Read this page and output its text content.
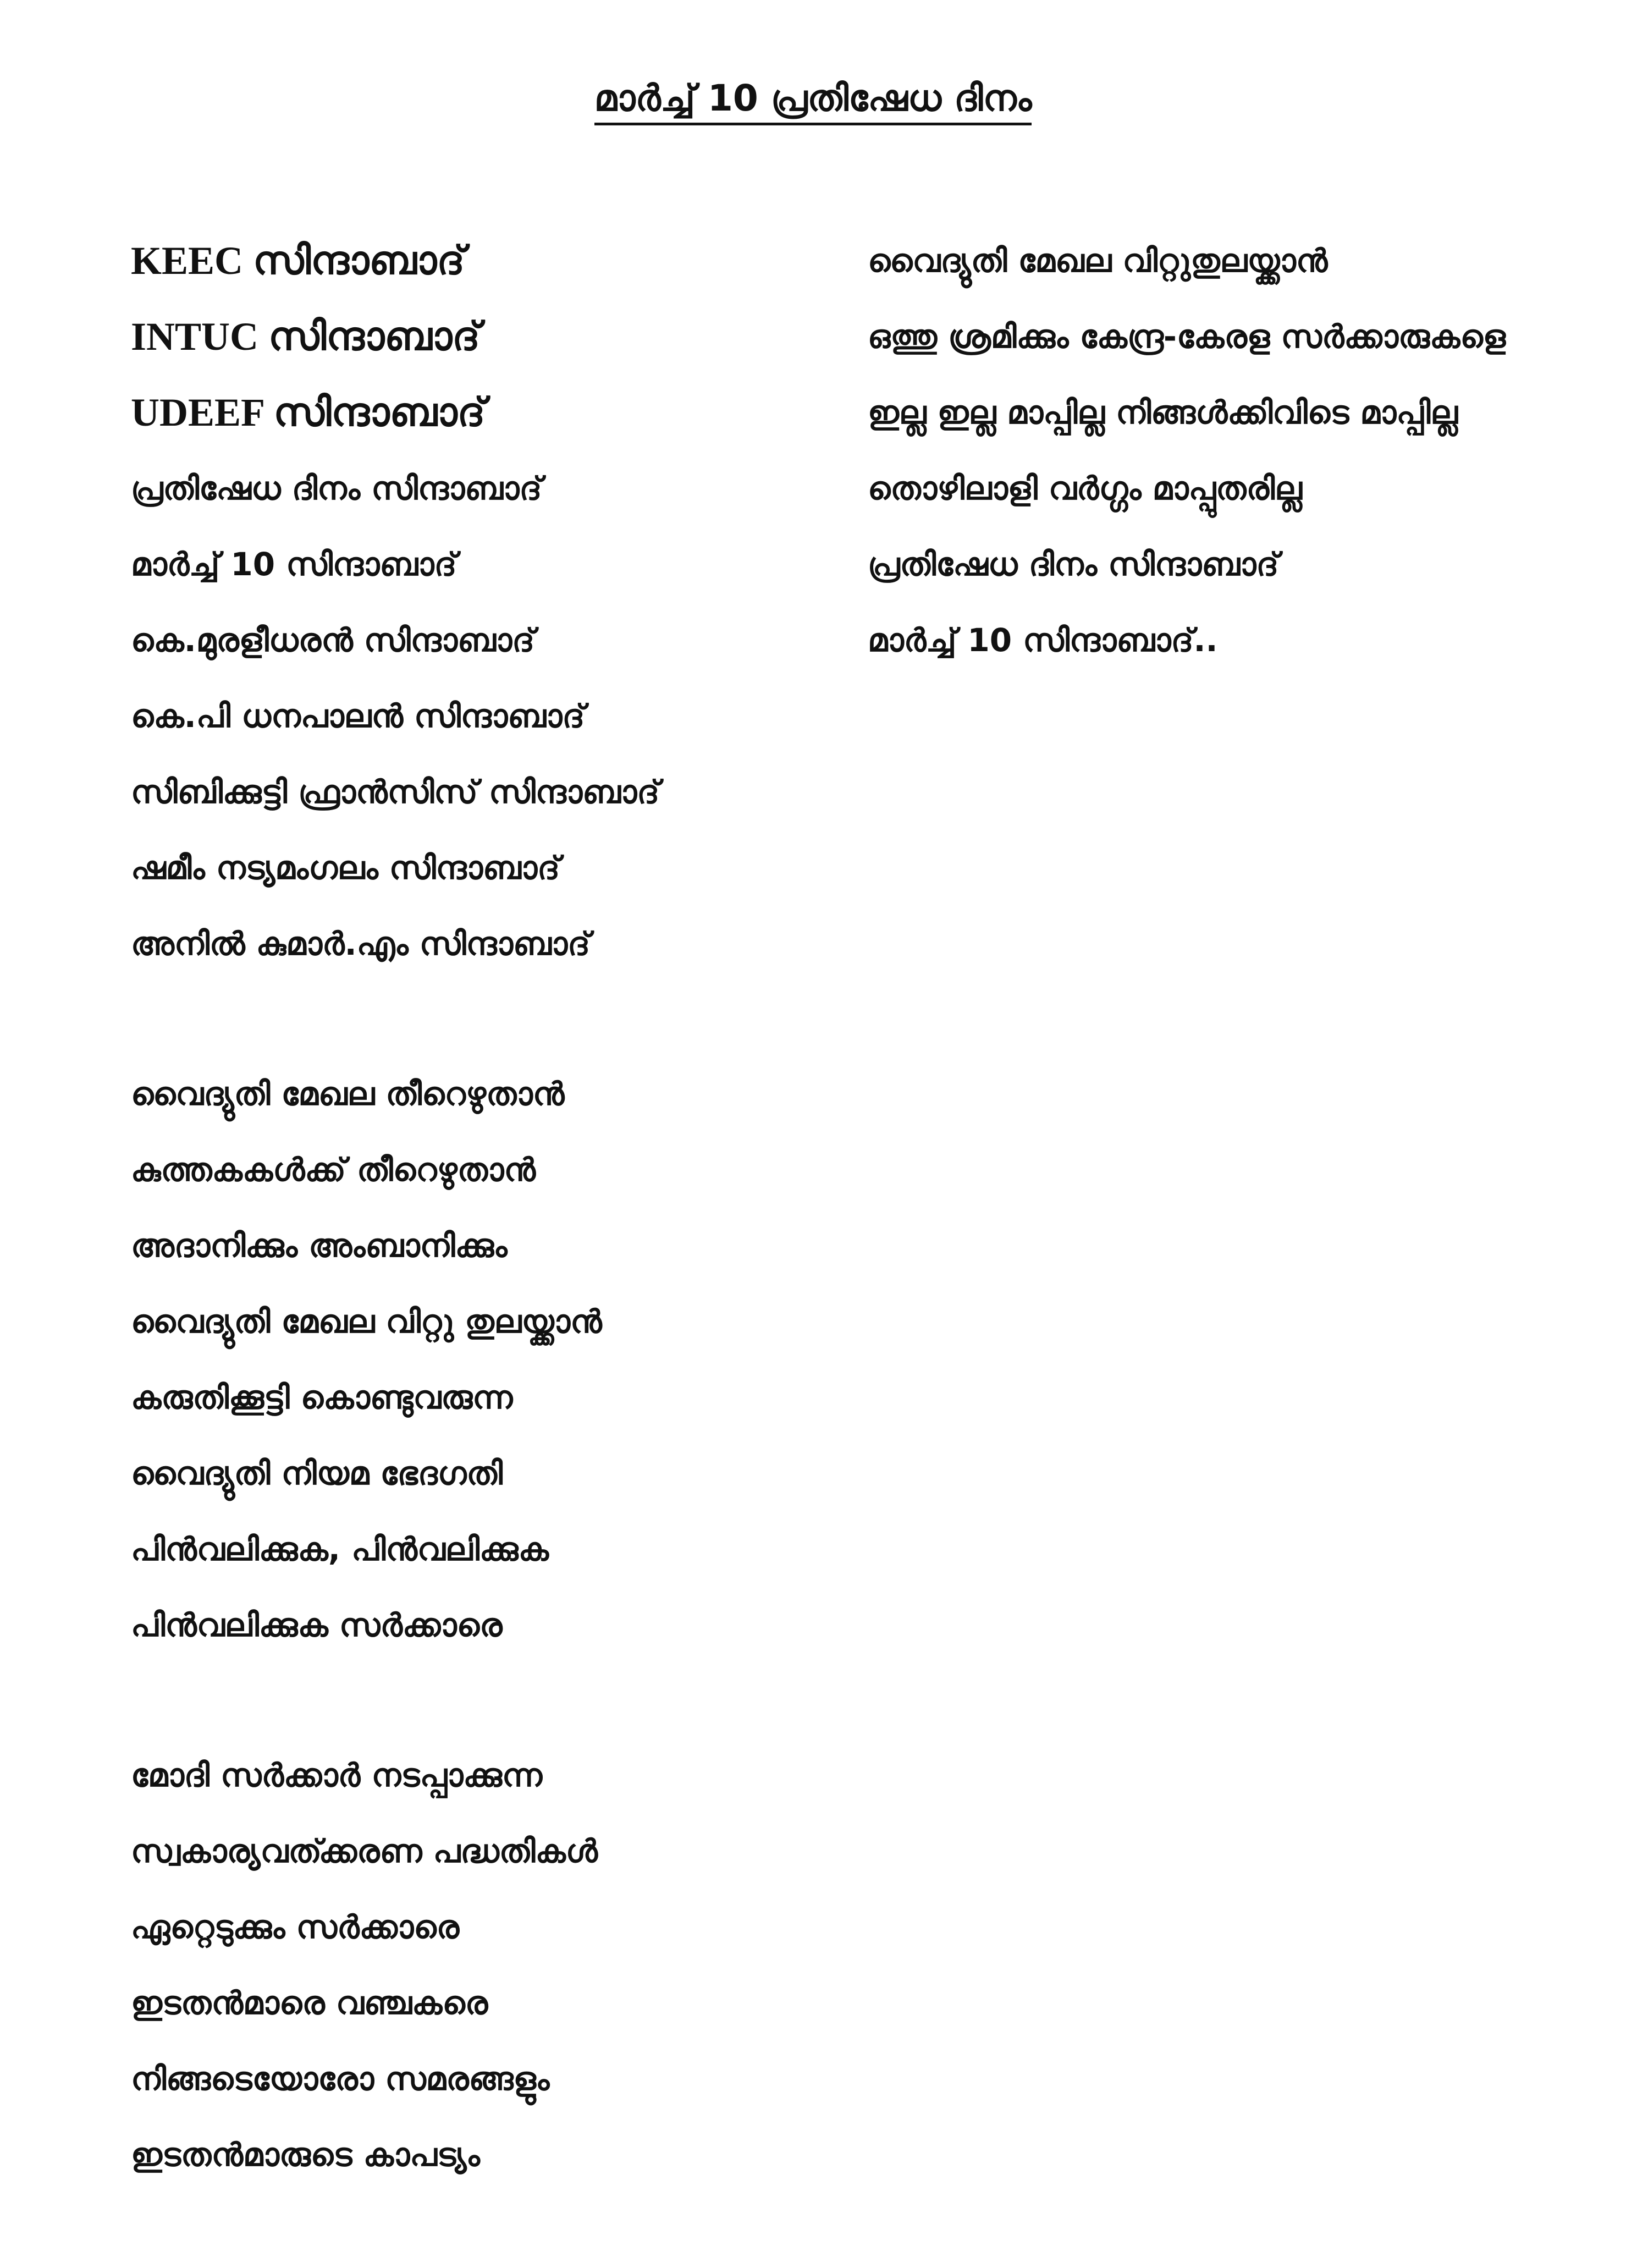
മാർച്ച് 10 പ്രതിഷേധ ദിനം
KEEC സിന്ദാബാദ്
INTUC സിന്ദാബാദ്
UDEEF സിന്ദാബാദ്
പ്രതിഷേധ ദിനം സിന്ദാബാദ്
മാർച്ച് 10 സിന്ദാബാദ്
കെ.മുരളീധരൻ സിന്ദാബാദ്
കെ.പി ധനപാലൻ സിന്ദാബാദ്
സിബിക്കുട്ടി ഫ്രാൻസിസ് സിന്ദാബാദ്
ഷമീം നട്യമംഗലം സിന്ദാബാദ്
അനിൽ കുമാർ.എം സിന്ദാബാദ്
വൈദ്യുതി മേഖല തീറെഴുതാൻ
കുത്തകകൾക്ക് തീറെഴുതാൻ
അദാനിക്കും അംബാനിക്കും
വൈദ്യുതി മേഖല വിറ്റു തുലയ്ക്കാൻ
കരുതിക്കൂട്ടി കൊണ്ടുവരുന്ന
വൈദ്യുതി നിയമ ഭേദഗതി
പിൻവലിക്കുക, പിൻവലിക്കുക
പിൻവലിക്കുക സർക്കാരെ
മോദി സർക്കാർ നടപ്പാക്കുന്ന
സ്വകാര്യവത്ക്കരണ പദ്ധതികൾ
ഏറ്റെടുക്കും സർക്കാരെ
ഇടതൻമാരെ വഞ്ചകരെ
നിങ്ങടെയോരോ സമരങ്ങളും
ഇടതൻമാരുടെ കാപട്യം
വൈദ്യുതി മേഖല വിറ്റുതുലയ്ക്കാൻ
ഒത്തു ശ്രമിക്കും കേന്ദ്ര-കേരള സർക്കാരുകളെ
ഇല്ല ഇല്ല മാപ്പില്ല നിങ്ങൾക്കിവിടെ മാപ്പില്ല
തൊഴിലാളി വർഗ്ഗം മാപ്പുതരില്ല
പ്രതിഷേധ ദിനം സിന്ദാബാദ്
മാർച്ച് 10 സിന്ദാബാദ്..
